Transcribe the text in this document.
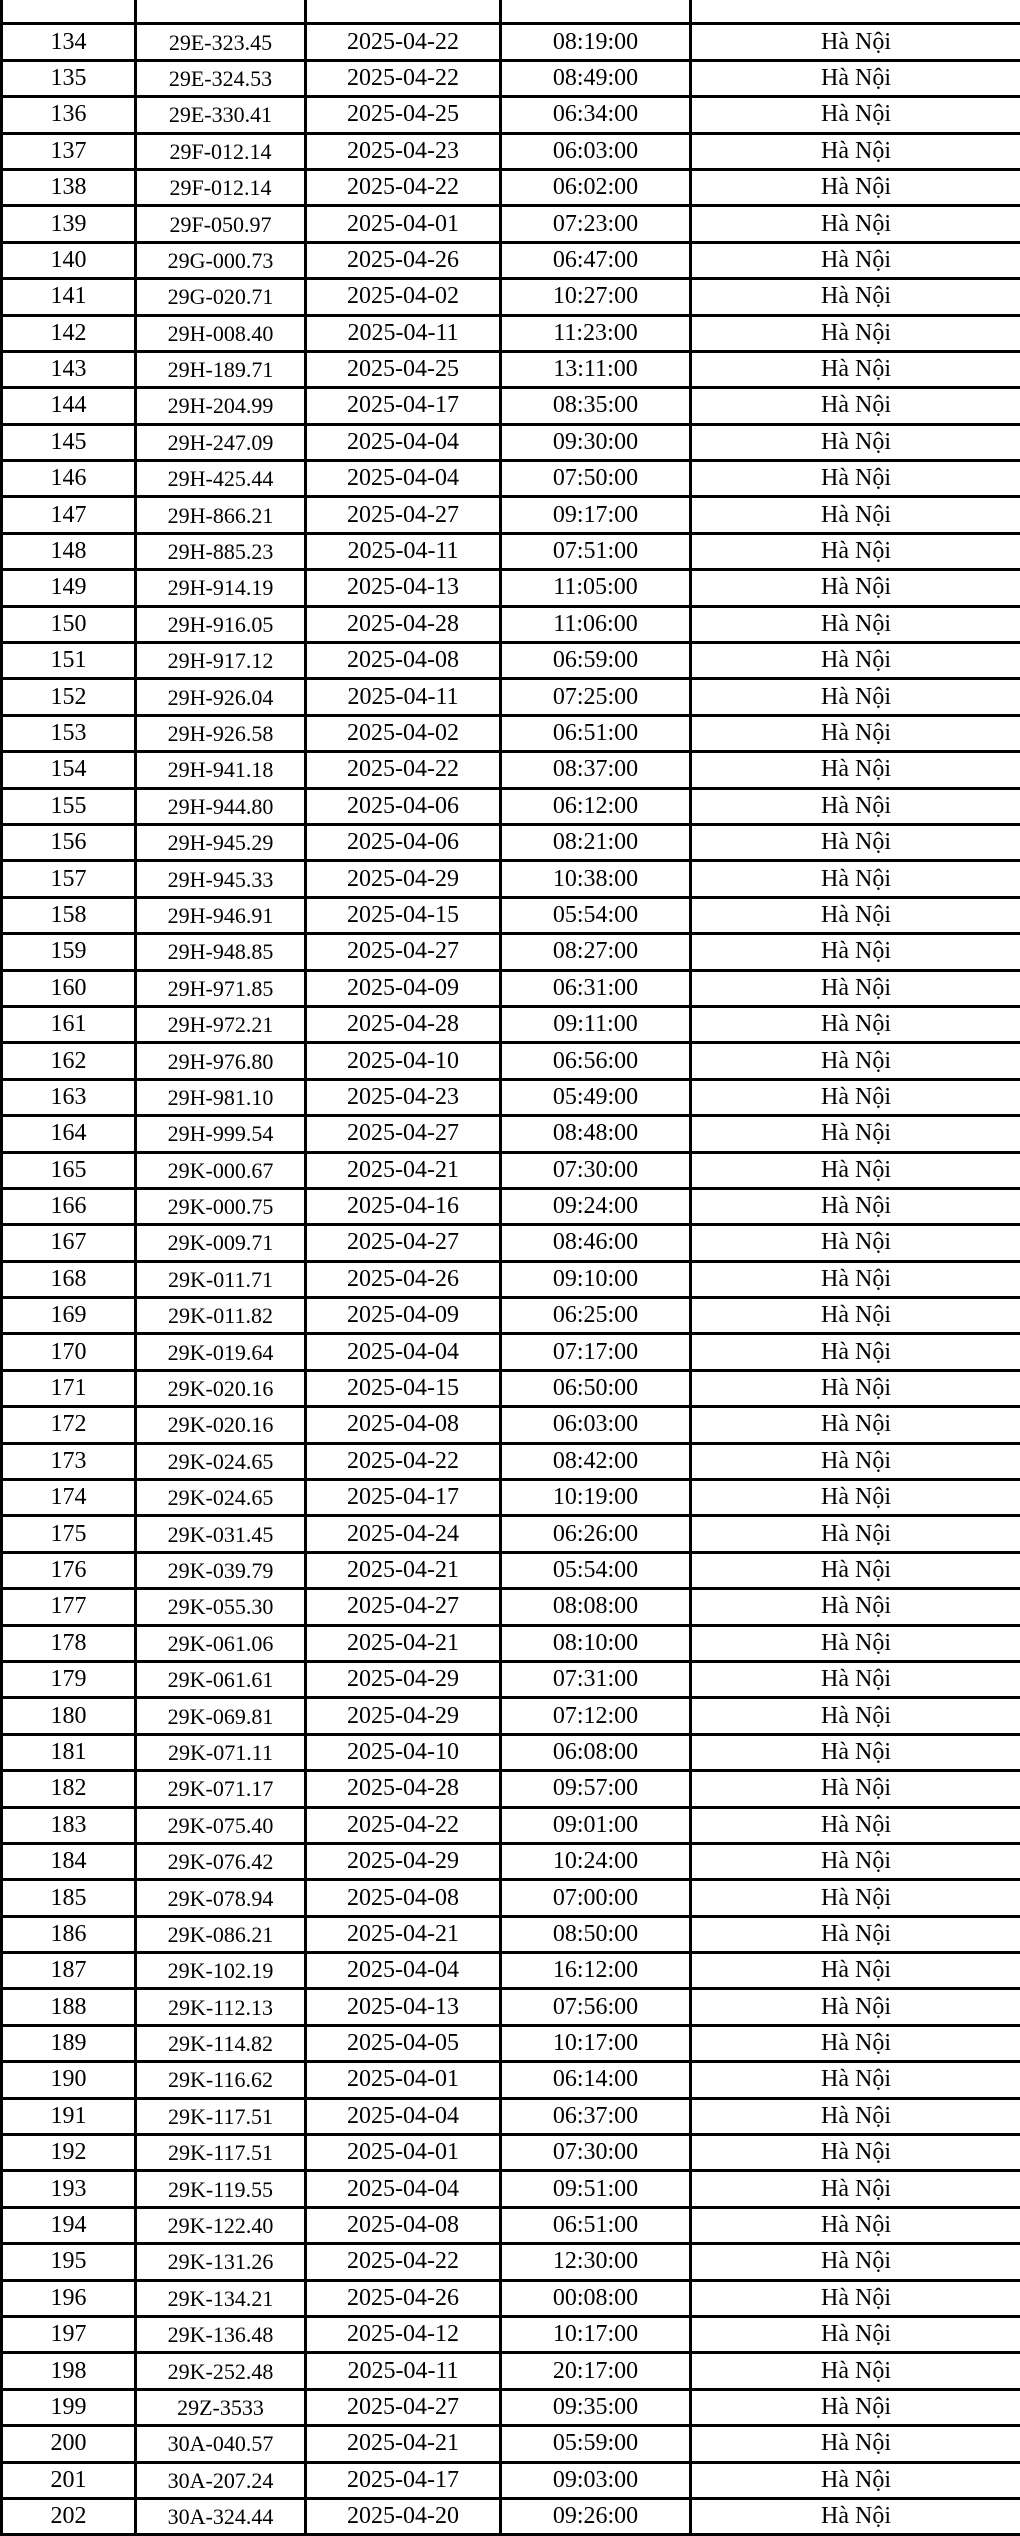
134	29E-323.45	2025-04-22	08:19:00	Hà Nội
135	29E-324.53	2025-04-22	08:49:00	Hà Nội
136	29E-330.41	2025-04-25	06:34:00	Hà Nội
137	29F-012.14	2025-04-23	06:03:00	Hà Nội
138	29F-012.14	2025-04-22	06:02:00	Hà Nội
139	29F-050.97	2025-04-01	07:23:00	Hà Nội
140	29G-000.73	2025-04-26	06:47:00	Hà Nội
141	29G-020.71	2025-04-02	10:27:00	Hà Nội
142	29H-008.40	2025-04-11	11:23:00	Hà Nội
143	29H-189.71	2025-04-25	13:11:00	Hà Nội
144	29H-204.99	2025-04-17	08:35:00	Hà Nội
145	29H-247.09	2025-04-04	09:30:00	Hà Nội
146	29H-425.44	2025-04-04	07:50:00	Hà Nội
147	29H-866.21	2025-04-27	09:17:00	Hà Nội
148	29H-885.23	2025-04-11	07:51:00	Hà Nội
149	29H-914.19	2025-04-13	11:05:00	Hà Nội
150	29H-916.05	2025-04-28	11:06:00	Hà Nội
151	29H-917.12	2025-04-08	06:59:00	Hà Nội
152	29H-926.04	2025-04-11	07:25:00	Hà Nội
153	29H-926.58	2025-04-02	06:51:00	Hà Nội
154	29H-941.18	2025-04-22	08:37:00	Hà Nội
155	29H-944.80	2025-04-06	06:12:00	Hà Nội
156	29H-945.29	2025-04-06	08:21:00	Hà Nội
157	29H-945.33	2025-04-29	10:38:00	Hà Nội
158	29H-946.91	2025-04-15	05:54:00	Hà Nội
159	29H-948.85	2025-04-27	08:27:00	Hà Nội
160	29H-971.85	2025-04-09	06:31:00	Hà Nội
161	29H-972.21	2025-04-28	09:11:00	Hà Nội
162	29H-976.80	2025-04-10	06:56:00	Hà Nội
163	29H-981.10	2025-04-23	05:49:00	Hà Nội
164	29H-999.54	2025-04-27	08:48:00	Hà Nội
165	29K-000.67	2025-04-21	07:30:00	Hà Nội
166	29K-000.75	2025-04-16	09:24:00	Hà Nội
167	29K-009.71	2025-04-27	08:46:00	Hà Nội
168	29K-011.71	2025-04-26	09:10:00	Hà Nội
169	29K-011.82	2025-04-09	06:25:00	Hà Nội
170	29K-019.64	2025-04-04	07:17:00	Hà Nội
171	29K-020.16	2025-04-15	06:50:00	Hà Nội
172	29K-020.16	2025-04-08	06:03:00	Hà Nội
173	29K-024.65	2025-04-22	08:42:00	Hà Nội
174	29K-024.65	2025-04-17	10:19:00	Hà Nội
175	29K-031.45	2025-04-24	06:26:00	Hà Nội
176	29K-039.79	2025-04-21	05:54:00	Hà Nội
177	29K-055.30	2025-04-27	08:08:00	Hà Nội
178	29K-061.06	2025-04-21	08:10:00	Hà Nội
179	29K-061.61	2025-04-29	07:31:00	Hà Nội
180	29K-069.81	2025-04-29	07:12:00	Hà Nội
181	29K-071.11	2025-04-10	06:08:00	Hà Nội
182	29K-071.17	2025-04-28	09:57:00	Hà Nội
183	29K-075.40	2025-04-22	09:01:00	Hà Nội
184	29K-076.42	2025-04-29	10:24:00	Hà Nội
185	29K-078.94	2025-04-08	07:00:00	Hà Nội
186	29K-086.21	2025-04-21	08:50:00	Hà Nội
187	29K-102.19	2025-04-04	16:12:00	Hà Nội
188	29K-112.13	2025-04-13	07:56:00	Hà Nội
189	29K-114.82	2025-04-05	10:17:00	Hà Nội
190	29K-116.62	2025-04-01	06:14:00	Hà Nội
191	29K-117.51	2025-04-04	06:37:00	Hà Nội
192	29K-117.51	2025-04-01	07:30:00	Hà Nội
193	29K-119.55	2025-04-04	09:51:00	Hà Nội
194	29K-122.40	2025-04-08	06:51:00	Hà Nội
195	29K-131.26	2025-04-22	12:30:00	Hà Nội
196	29K-134.21	2025-04-26	00:08:00	Hà Nội
197	29K-136.48	2025-04-12	10:17:00	Hà Nội
198	29K-252.48	2025-04-11	20:17:00	Hà Nội
199	29Z-3533	2025-04-27	09:35:00	Hà Nội
200	30A-040.57	2025-04-21	05:59:00	Hà Nội
201	30A-207.24	2025-04-17	09:03:00	Hà Nội
202	30A-324.44	2025-04-20	09:26:00	Hà Nội
